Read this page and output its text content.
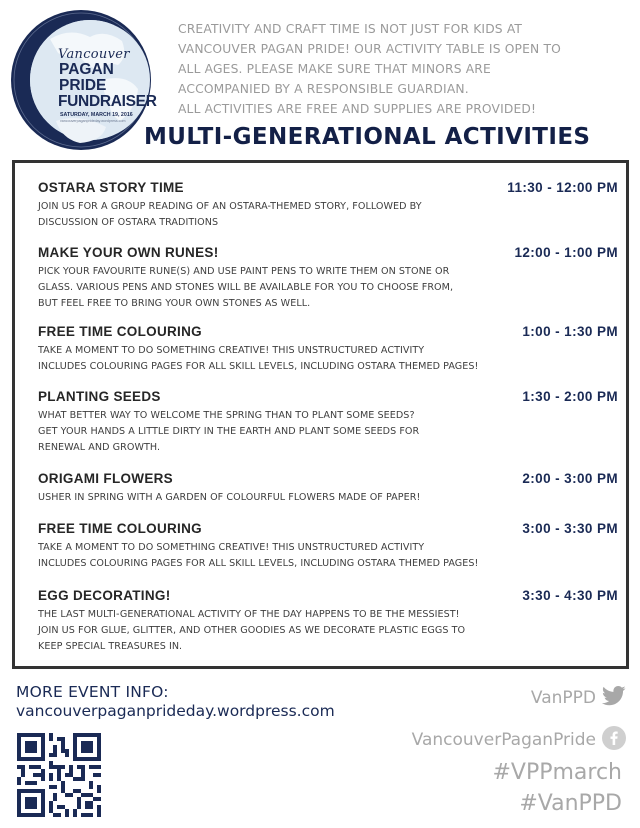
Vancouver
PAGAN
PRIDE
FUNDRAISER
SATURDAY, MARCH 19, 2016
vancouverpaganprideday.wordpress.com
CREATIVITY AND CRAFT TIME IS NOT JUST FOR KIDS AT
VANCOUVER PAGAN PRIDE! OUR ACTIVITY TABLE IS OPEN TO
ALL AGES. PLEASE MAKE SURE THAT MINORS ARE
ACCOMPANIED BY A RESPONSIBLE GUARDIAN.
ALL ACTIVITIES ARE FREE AND SUPPLIES ARE PROVIDED!
MULTI-GENERATIONAL ACTIVITIES
OSTARA STORY TIME	11:30 - 12:00 PM
JOIN US FOR A GROUP READING OF AN OSTARA-THEMED STORY, FOLLOWED BY
DISCUSSION OF OSTARA TRADITIONS
MAKE YOUR OWN RUNES!	12:00 - 1:00 PM
PICK YOUR FAVOURITE RUNE(S) AND USE PAINT PENS TO WRITE THEM ON STONE OR
GLASS. VARIOUS PENS AND STONES WILL BE AVAILABLE FOR YOU TO CHOOSE FROM,
BUT FEEL FREE TO BRING YOUR OWN STONES AS WELL.
FREE TIME COLOURING	1:00 - 1:30 PM
TAKE A MOMENT TO DO SOMETHING CREATIVE! THIS UNSTRUCTURED ACTIVITY
INCLUDES COLOURING PAGES FOR ALL SKILL LEVELS, INCLUDING OSTARA THEMED PAGES!
PLANTING SEEDS	1:30 - 2:00 PM
WHAT BETTER WAY TO WELCOME THE SPRING THAN TO PLANT SOME SEEDS?
GET YOUR HANDS A LITTLE DIRTY IN THE EARTH AND PLANT SOME SEEDS FOR
RENEWAL AND GROWTH.
ORIGAMI FLOWERS	2:00 - 3:00 PM
USHER IN SPRING WITH A GARDEN OF COLOURFUL FLOWERS MADE OF PAPER!
FREE TIME COLOURING	3:00 - 3:30 PM
TAKE A MOMENT TO DO SOMETHING CREATIVE! THIS UNSTRUCTURED ACTIVITY
INCLUDES COLOURING PAGES FOR ALL SKILL LEVELS, INCLUDING OSTARA THEMED PAGES!
EGG DECORATING!	3:30 - 4:30 PM
THE LAST MULTI-GENERATIONAL ACTIVITY OF THE DAY HAPPENS TO BE THE MESSIEST!
JOIN US FOR GLUE, GLITTER, AND OTHER GOODIES AS WE DECORATE PLASTIC EGGS TO
KEEP SPECIAL TREASURES IN.
MORE EVENT INFO:
vancouverpaganprideday.wordpress.com
VanPPD
VancouverPaganPride
#VPPmarch
#VanPPD
